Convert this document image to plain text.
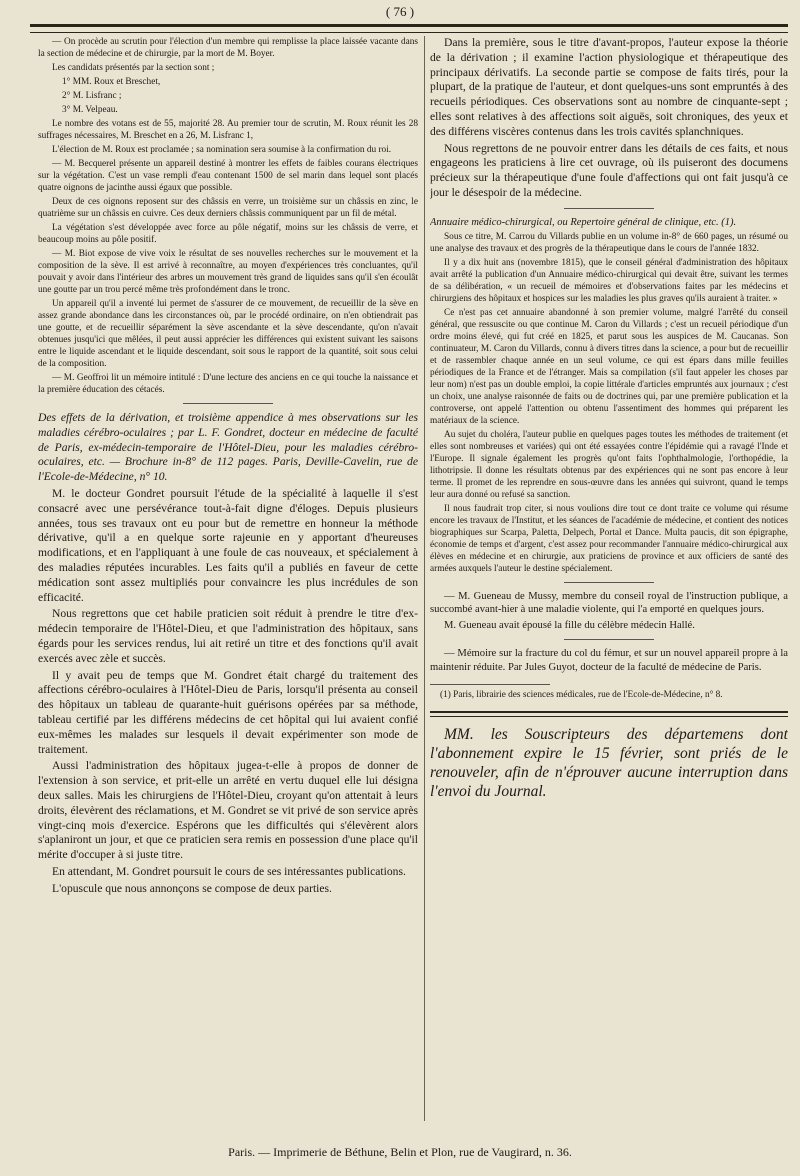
( 76 )

— On procède au scrutin pour l'élection d'un membre qui remplisse la place laissée vacante dans la section de médecine et de chirurgie, par la mort de M. Boyer.

Les candidats présentés par la section sont ;

1° MM. Roux et Breschet,
2° M. Lisfranc ;
3° M. Velpeau.

Le nombre des votans est de 55, majorité 28. Au premier tour de scrutin, M. Roux réunit les 28 suffrages nécessaires, M. Breschet en a 26, M. Lisfranc 1,

L'élection de M. Roux est proclamée ; sa nomination sera soumise à la confirmation du roi.

— M. Becquerel présente un appareil destiné à montrer les effets de faibles courans électriques sur la végétation. C'est un vase rempli d'eau contenant 1500 de sel marin dans lequel sont placés quatre oignons de jacinthe aussi égaux que possible.

Deux de ces oignons reposent sur des châssis en verre, un troisième sur un châssis en zinc, le quatrième sur un châssis en cuivre. Ces deux derniers châssis communiquent par un fil de métal.

La végétation s'est développée avec force au pôle négatif, moins sur les châssis de verre, et beaucoup moins au pôle positif.

— M. Biot expose de vive voix le résultat de ses nouvelles recherches sur le mouvement et la composition de la sève. Il est arrivé à reconnaître, au moyen d'expériences très concluantes, qu'il pouvait y avoir dans l'intérieur des arbres un mouvement très grand de liquides sans qu'il s'en écoulât une goutte par un trou percé même très profondément dans le tronc.

Un appareil qu'il a inventé lui permet de s'assurer de ce mouvement, de recueillir de la sève en assez grande abondance dans les circonstances où, par le procédé ordinaire, on n'en obtiendrait pas une goutte, et de recueillir séparément la sève ascendante et la sève descendante, qu'on n'avait obtenues jusqu'ici que mêlées, il peut aussi apprécier les différences qui existent suivant les saisons entre le liquide ascendant et le liquide descendant, soit sous le rapport de la quantité, soit sous celui de la composition.

— M. Geoffroi lit un mémoire intitulé : D'une lecture des anciens en ce qui touche la naissance et la première éducation des cétacés.

Des effets de la dérivation, et troisième appendice à mes observations sur les maladies cérébro-oculaires ; par L. F. Gondret, docteur en médecine de faculté de Paris, ex-médecin-temporaire de l'Hôtel-Dieu, pour les maladies cérébro-oculaires, etc. — Brochure in-8° de 112 pages. Paris, Deville-Cavelin, rue de l'Ecole-de-Médecine, n° 10.

M. le docteur Gondret poursuit l'étude de la spécialité à laquelle il s'est consacré avec une persévérance tout-à-fait digne d'éloges. Depuis plusieurs années, tous ses travaux ont eu pour but de remettre en honneur la méthode dérivative, qu'il a en quelque sorte rajeunie en y apportant d'heureuses modifications, et en l'appliquant à une foule de cas nouveaux, et spécialement à des maladies réputées incurables. Les faits qu'il a publiés en faveur de cette médication sont assez multipliés pour convaincre les plus incrédules de son efficacité.

Nous regrettons que cet habile praticien soit réduit à prendre le titre d'ex-médecin temporaire de l'Hôtel-Dieu, et que l'administration des hôpitaux, sans égards pour les services rendus, lui ait retiré un titre et des fonctions qu'il avait exercés avec zèle et succès.

Il y avait peu de temps que M. Gondret était chargé du traitement des affections cérébro-oculaires à l'Hôtel-Dieu de Paris, lorsqu'il présenta au conseil des hôpitaux un tableau de quarante-huit guérisons opérées par sa méthode, tableau certifié par les différens médecins de cet hôpital qui lui avaient confié eux-mêmes les malades sur lesquels il devait expérimenter son mode de traitement.

Aussi l'administration des hôpitaux jugea-t-elle à propos de donner de l'extension à son service, et prit-elle un arrêté en vertu duquel elle lui désigna deux salles. Mais les chirurgiens de l'Hôtel-Dieu, croyant qu'on attentait à leurs droits, élevèrent des réclamations, et M. Gondret se vit privé de son service après vingt-cinq mois d'exercice. Espérons que les difficultés qui s'élevèrent alors s'aplaniront un jour, et que ce praticien sera remis en possession d'une place qu'il mérite d'occuper à si juste titre.

En attendant, M. Gondret poursuit le cours de ses intéressantes publications.

L'opuscule que nous annonçons se compose de deux parties.

Dans la première, sous le titre d'avant-propos, l'auteur expose la théorie de la dérivation ; il examine l'action physiologique et thérapeutique des principaux dérivatifs. La seconde partie se compose de faits tirés, pour la plupart, de la pratique de l'auteur, et dont quelques-uns sont empruntés à des recueils périodiques. Ces observations sont au nombre de cinquante-sept ; elles sont relatives à des affections soit aiguës, soit chroniques, des yeux et des différens viscères contenus dans les trois cavités splanchniques.

Nous regrettons de ne pouvoir entrer dans les détails de ces faits, et nous engageons les praticiens à lire cet ouvrage, où ils puiseront des documens précieux sur la thérapeutique d'une foule d'affections qui ont fait jusqu'à ce jour le désespoir de la médecine.

Annuaire médico-chirurgical, ou Repertoire général de clinique, etc. (1).

Sous ce titre, M. Carrou du Villards publie en un volume in-8° de 660 pages, un résumé ou une analyse des travaux et des progrès de la thérapeutique dans le cours de l'année 1832.

Il y a dix huit ans (novembre 1815), que le conseil général d'administration des hôpitaux avait arrêté la publication d'un Annuaire médico-chirurgical qui devait être, suivant les termes de sa délibération, « un recueil de mémoires et d'observations faites par les médecins et chirurgiens des hôpitaux et hospices sur les maladies les plus graves qu'ils auraient à traiter. »

Ce n'est pas cet annuaire abandonné à son premier volume, malgré l'arrêté du conseil général, que ressuscite ou que continue M. Caron du Villards ; c'est un recueil périodique d'un ordre moins élevé, qui fut créé en 1825, et parut sous les auspices de M. Caucanas. Son continuateur, M. Caron du Villards, connu à divers titres dans la science, a pour but de recueillir et de rassembler chaque année en un seul volume, ce qui est épars dans mille feuilles périodiques de la France et de l'étranger. Mais sa compilation (s'il faut appeler les choses par leur nom) n'est pas un double emploi, la copie littérale d'articles empruntés aux journaux ; c'est un choix, une analyse raisonnée de faits ou de doctrines qui, par une première publication et la controverse, ont appelé l'attention ou obtenu l'assentiment des hommes qui préparent les matériaux de la science.

Au sujet du choléra, l'auteur publie en quelques pages toutes les méthodes de traitement (et elles sont nombreuses et variées) qui ont été essayées contre l'épidémie qui a ravagé l'Inde et l'Europe. Il signale également les progrès qu'ont faits l'ophthalmologie, l'orthopédie, la lithotripsie. Il donne les résultats obtenus par des expériences qui ne sont pas encore à leur terme. Il promet de les reprendre en sous-œuvre dans les années qui suivront, quand le temps leur aura donné ou refusé sa sanction.

Il nous faudrait trop citer, si nous voulions dire tout ce dont traite ce volume qui résume encore les travaux de l'Institut, et les séances de l'académie de médecine, et contient des notices biographiques sur Scarpa, Paletta, Delpech, Portal et Dance. Multa paucis, dit son épigraphe, économie de temps et d'argent, c'est assez pour recommander l'annuaire médico-chirurgical aux élèves en médecine et en chirurgie, aux praticiens de province et aux officiers de santé des armées auxquels l'auteur le destine spécialement.

— M. Gueneau de Mussy, membre du conseil royal de l'instruction publique, a succombé avant-hier à une maladie violente, qui l'a emporté en quelques jours.

M. Gueneau avait épousé la fille du célèbre médecin Hallé.

— Mémoire sur la fracture du col du fémur, et sur un nouvel appareil propre à la maintenir réduite. Par Jules Guyot, docteur de la faculté de médecine de Paris.

(1) Paris, librairie des sciences médicales, rue de l'Ecole-de-Médecine, n° 8.

MM. les Souscripteurs des départemens dont l'abonnement expire le 15 février, sont priés de le renouveler, afin de n'éprouver aucune interruption dans l'envoi du Journal.

Paris. — Imprimerie de Béthune, Belin et Plon, rue de Vaugirard, n. 36.
